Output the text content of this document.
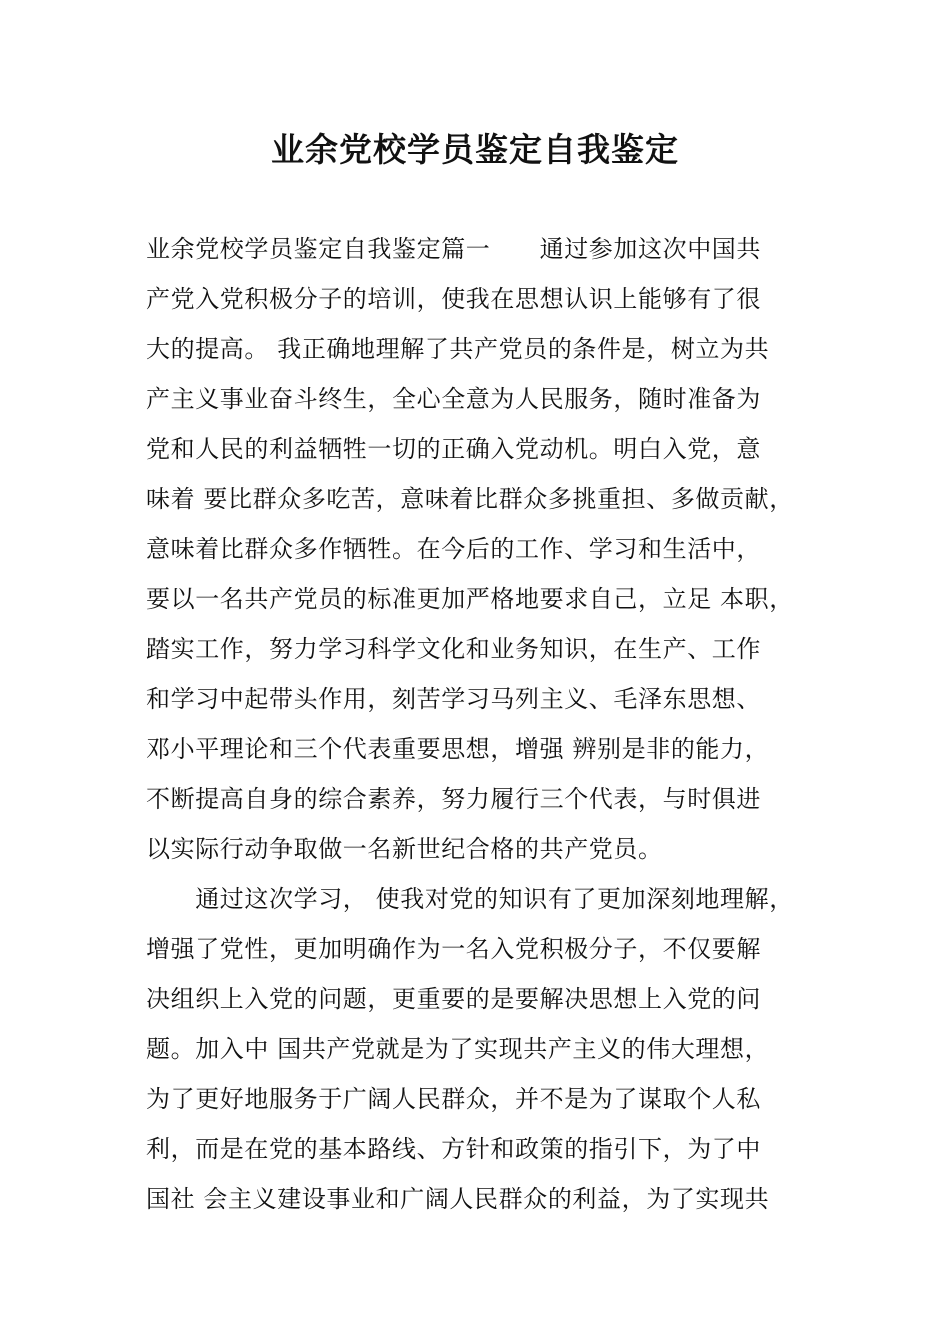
业余党校学员鉴定自我鉴定
业余党校学员鉴定自我鉴定篇一　　通过参加这次中国共
产党入党积极分子的培训，使我在思想认识上能够有了很
大的提高。 我正确地理解了共产党员的条件是，树立为共
产主义事业奋斗终生，全心全意为人民服务，随时准备为
党和人民的利益牺牲一切的正确入党动机。明白入党，意
味着 要比群众多吃苦，意味着比群众多挑重担、多做贡献，
意味着比群众多作牺牲。在今后的工作、学习和生活中，
要以一名共产党员的标准更加严格地要求自己，立足 本职，
踏实工作，努力学习科学文化和业务知识，在生产、工作
和学习中起带头作用，刻苦学习马列主义、毛泽东思想、
邓小平理论和三个代表重要思想，增强 辨别是非的能力，
不断提高自身的综合素养，努力履行三个代表，与时俱进
以实际行动争取做一名新世纪合格的共产党员。
　　通过这次学习， 使我对党的知识有了更加深刻地理解，
增强了党性，更加明确作为一名入党积极分子，不仅要解
决组织上入党的问题，更重要的是要解决思想上入党的问
题。加入中 国共产党就是为了实现共产主义的伟大理想，
为了更好地服务于广阔人民群众，并不是为了谋取个人私
利，而是在党的基本路线、方针和政策的指引下，为了中
国社 会主义建设事业和广阔人民群众的利益，为了实现共
